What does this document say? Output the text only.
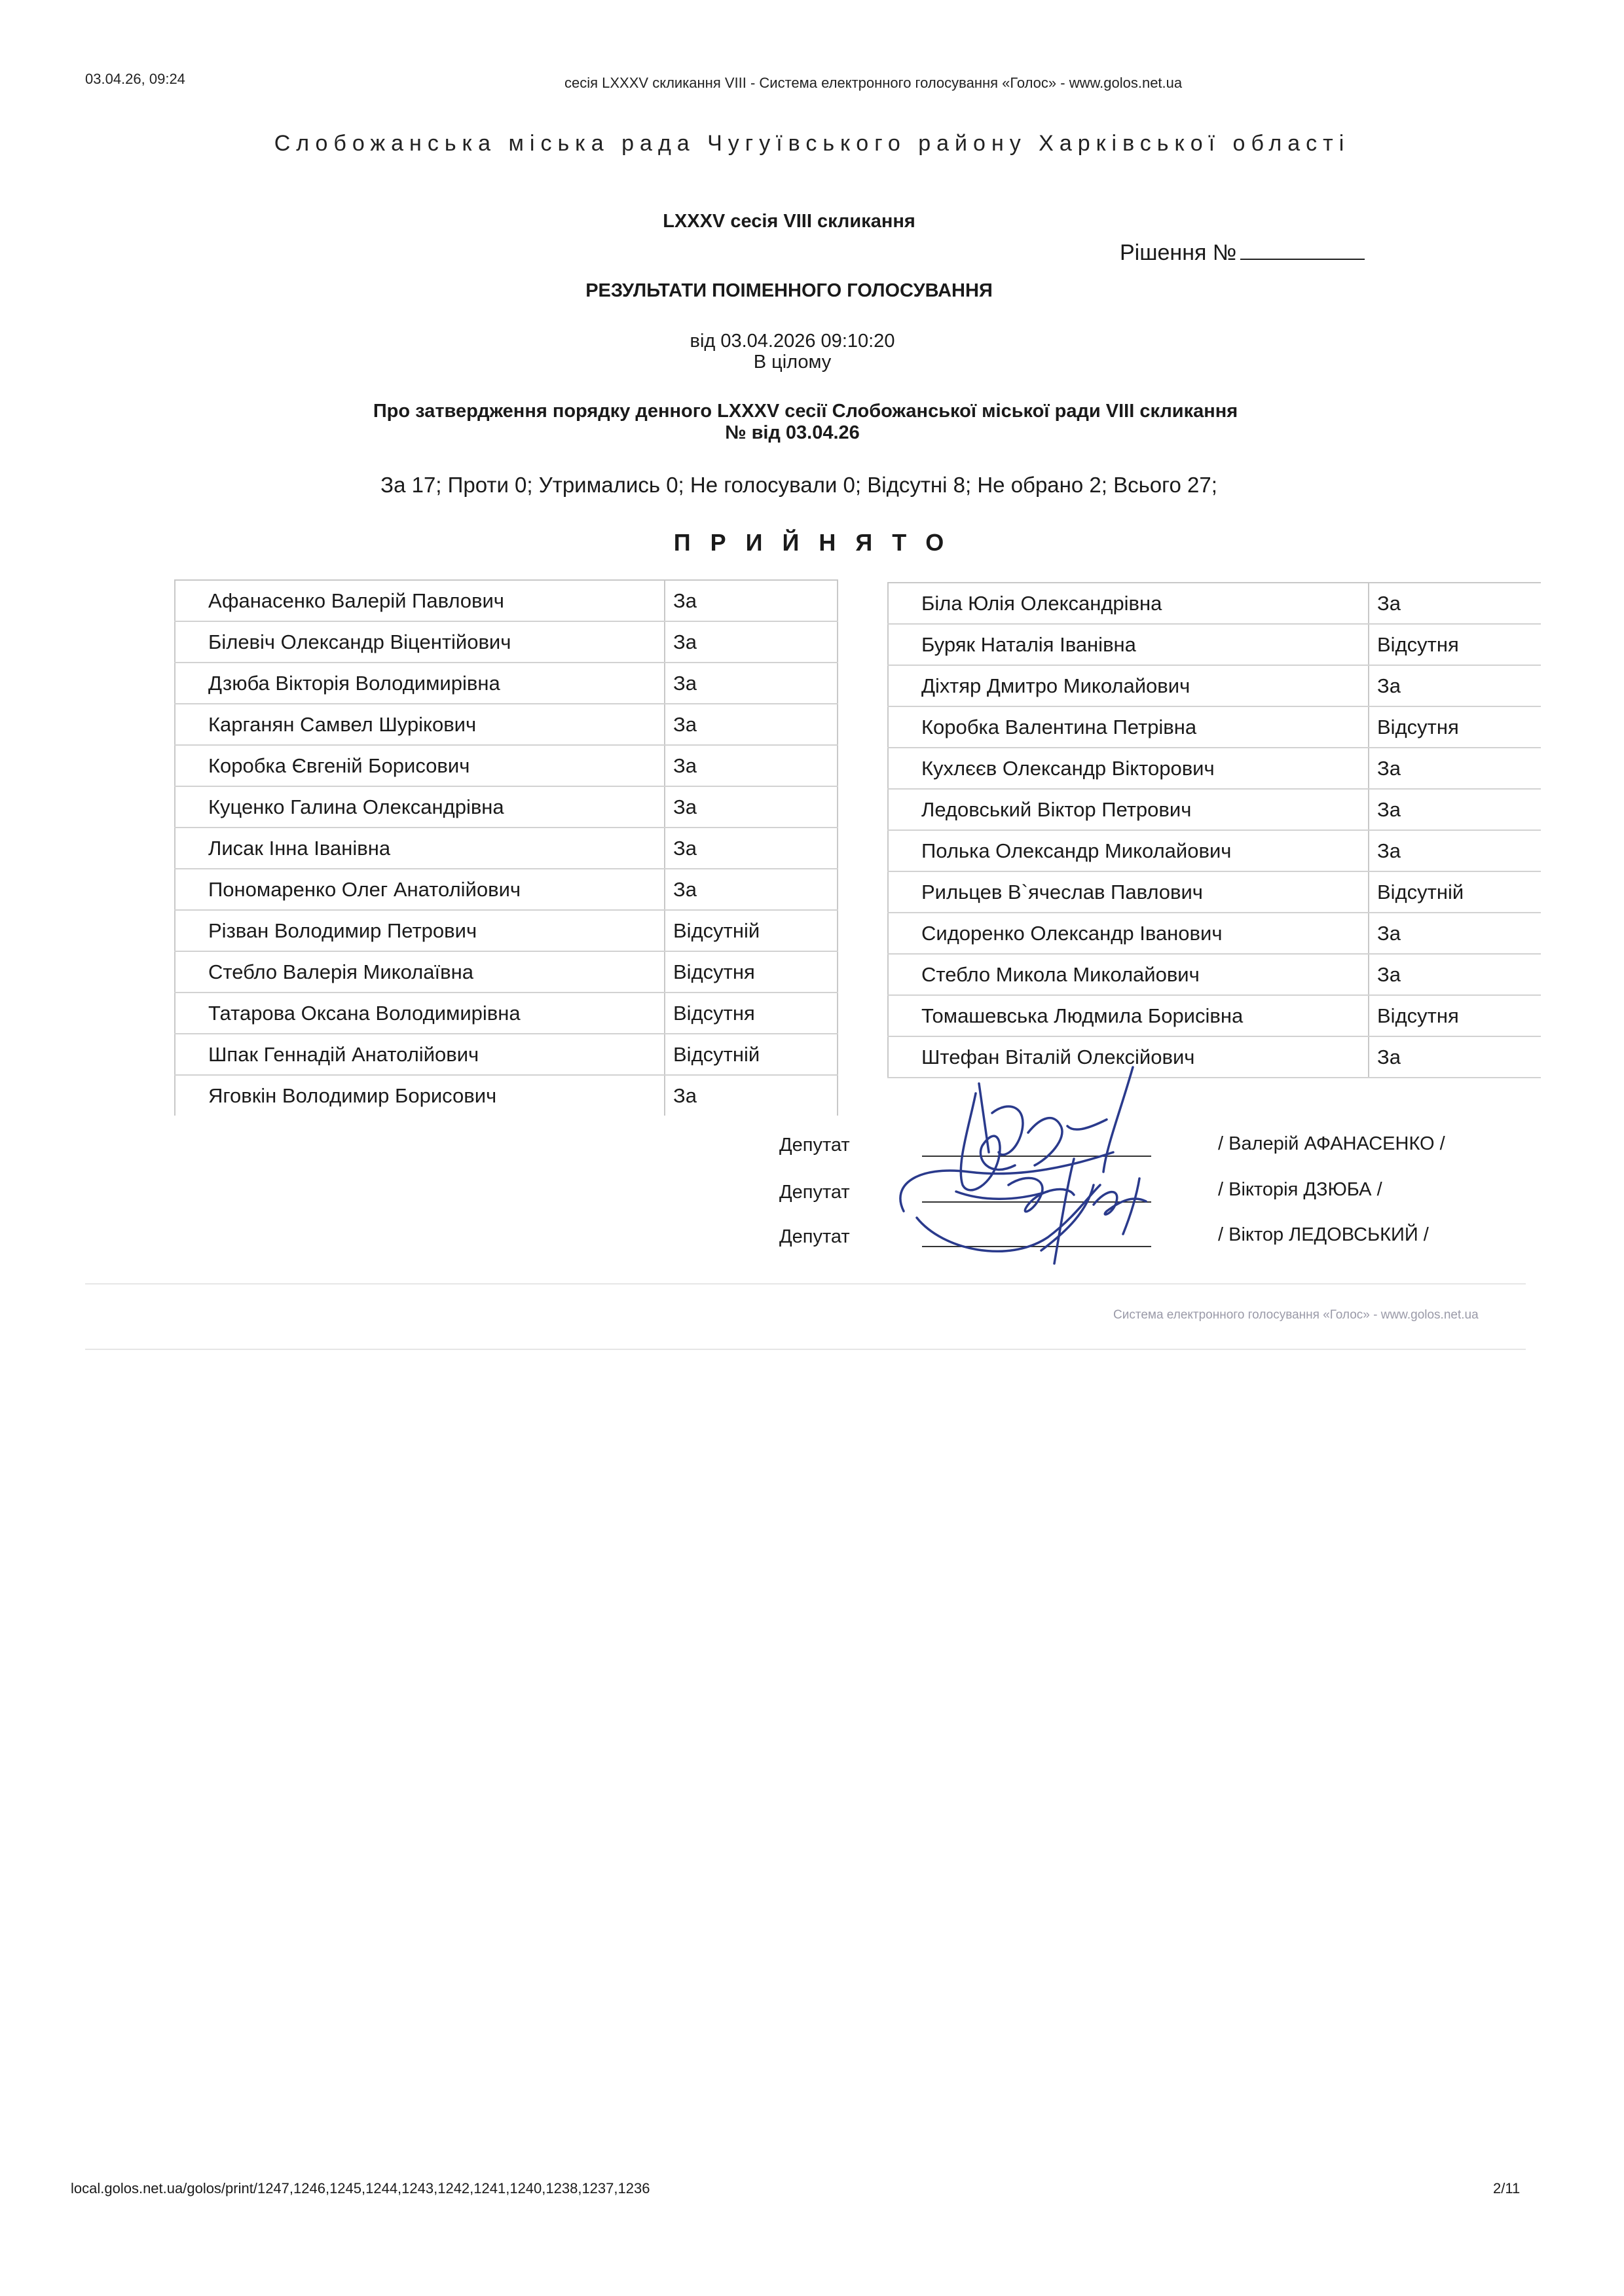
03.04.26, 09:24	сесія LXXXV скликання VIII - Система електронного голосування «Голос» - www.golos.net.ua
Слобожанська міська рада Чугуївського району Харківської області
LXXXV сесія VIII скликання
Рішення №
РЕЗУЛЬТАТИ ПОІМЕННОГО ГОЛОСУВАННЯ
від 03.04.2026 09:10:20
В цілому
Про затвердження порядку денного LXXXV сесії Слобожанської міської ради VIII скликання
№ від 03.04.26
За 17; Проти 0; Утримались 0; Не голосували 0; Відсутні 8; Не обрано 2; Всього 27;
ПРИЙНЯТО
Афанасенко Валерій Павлович	За
Білевіч Олександр Віцентійович	За
Дзюба Вікторія Володимирівна	За
Карганян Самвел Шурікович	За
Коробка Євгеній Борисович	За
Куценко Галина Олександрівна	За
Лисак Інна Іванівна	За
Пономаренко Олег Анатолійович	За
Різван Володимир Петрович	Відсутній
Стебло Валерія Миколаївна	Відсутня
Татарова Оксана Володимирівна	Відсутня
Шпак Геннадій Анатолійович	Відсутній
Яговкін Володимир Борисович	За
Біла Юлія Олександрівна	За
Буряк Наталія Іванівна	Відсутня
Діхтяр Дмитро Миколайович	За
Коробка Валентина Петрівна	Відсутня
Кухлєєв Олександр Вікторович	За
Ледовський Віктор Петрович	За
Полька Олександр Миколайович	За
Рильцев В`ячеслав Павлович	Відсутній
Сидоренко Олександр Іванович	За
Стебло Микола Миколайович	За
Томашевська Людмила Борисівна	Відсутня
Штефан Віталій Олексійович	За
Депутат	/ Валерій АФАНАСЕНКО /
Депутат	/ Вікторія ДЗЮБА /
Депутат	/ Віктор ЛЕДОВСЬКИЙ /
Система електронного голосування «Голос» - www.golos.net.ua
local.golos.net.ua/golos/print/1247,1246,1245,1244,1243,1242,1241,1240,1238,1237,1236	2/11
